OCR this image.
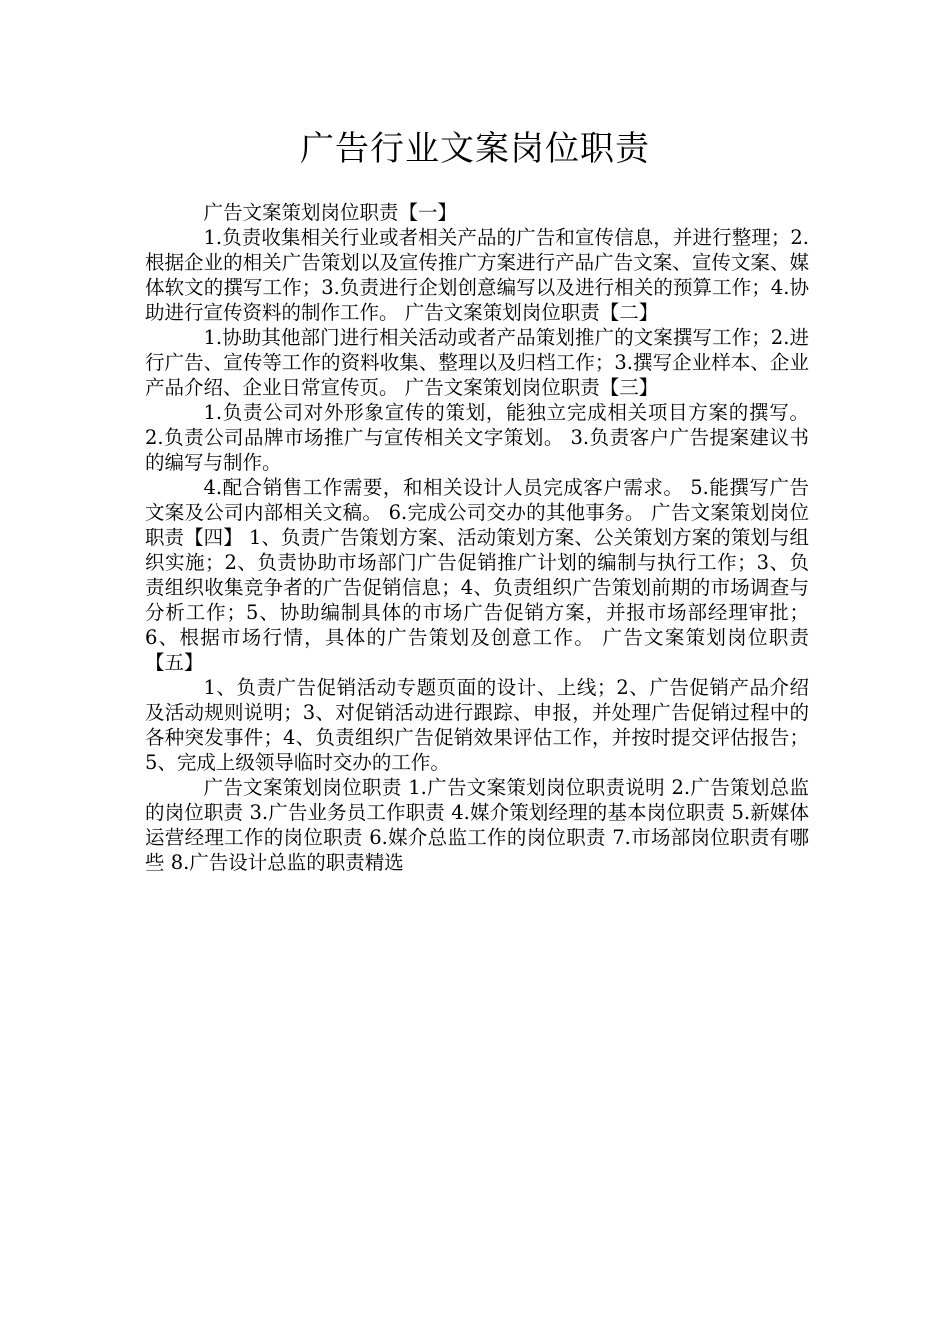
广告行业文案岗位职责

广告文案策划岗位职责【一】

1.负责收集相关行业或者相关产品的广告和宣传信息，并进行整理；2.根据企业的相关广告策划以及宣传推广方案进行产品广告文案、宣传文案、媒体软文的撰写工作；3.负责进行企划创意编写以及进行相关的预算工作；4.协助进行宣传资料的制作工作。 广告文案策划岗位职责【二】

1.协助其他部门进行相关活动或者产品策划推广的文案撰写工作；2.进行广告、宣传等工作的资料收集、整理以及归档工作；3.撰写企业样本、企业产品介绍、企业日常宣传页。 广告文案策划岗位职责【三】

1.负责公司对外形象宣传的策划，能独立完成相关项目方案的撰写。 2.负责公司品牌市场推广与宣传相关文字策划。 3.负责客户广告提案建议书的编写与制作。

4.配合销售工作需要，和相关设计人员完成客户需求。 5.能撰写广告文案及公司内部相关文稿。 6.完成公司交办的其他事务。 广告文案策划岗位职责【四】 1、负责广告策划方案、活动策划方案、公关策划方案的策划与组织实施；2、负责协助市场部门广告促销推广计划的编制与执行工作；3、负责组织收集竞争者的广告促销信息；4、负责组织广告策划前期的市场调查与分析工作；5、协助编制具体的市场广告促销方案，并报市场部经理审批；6、根据市场行情，具体的广告策划及创意工作。 广告文案策划岗位职责【五】

1、负责广告促销活动专题页面的设计、上线；2、广告促销产品介绍及活动规则说明；3、对促销活动进行跟踪、申报，并处理广告促销过程中的各种突发事件；4、负责组织广告促销效果评估工作，并按时提交评估报告；5、完成上级领导临时交办的工作。

广告文案策划岗位职责 1.广告文案策划岗位职责说明 2.广告策划总监的岗位职责 3.广告业务员工作职责 4.媒介策划经理的基本岗位职责 5.新媒体运营经理工作的岗位职责 6.媒介总监工作的岗位职责 7.市场部岗位职责有哪些 8.广告设计总监的职责精选
